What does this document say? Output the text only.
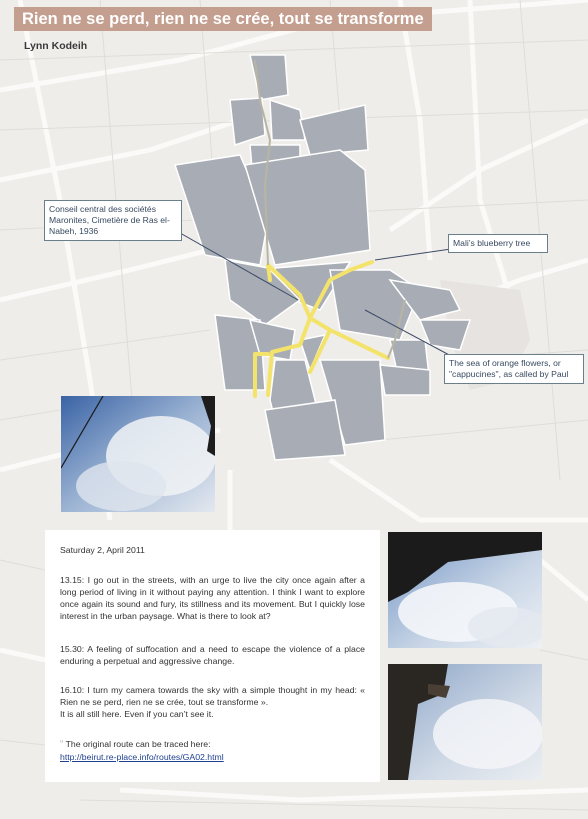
Rien ne se perd, rien ne se crée, tout se transforme
Lynn Kodeih
Conseil central des sociétés Maronites, Cimetière de Ras el-Nabeh, 1936
Mali’s blueberry tree
The sea of orange flowers, or "cappucines", as called by Paul

Saturday 2, April 2011

13.15: I go out in the streets, with an urge to live the city once again after a long period of living in it without paying any attention. I think I want to explore once again its sound and fury, its stillness and its movement. But I quickly lose interest in the urban paysage. What is there to look at?

15.30: A feeling of suffocation and a need to escape the violence of a place enduring a perpetual and aggressive change.

16.10: I turn my camera towards the sky with a simple thought in my head: « Rien ne se perd, rien ne se crée, tout se transforme ».
It is all still here. Even if you can’t see it.

“ The original route can be traced here:
http://beirut.re-place.info/routes/GA02.html
